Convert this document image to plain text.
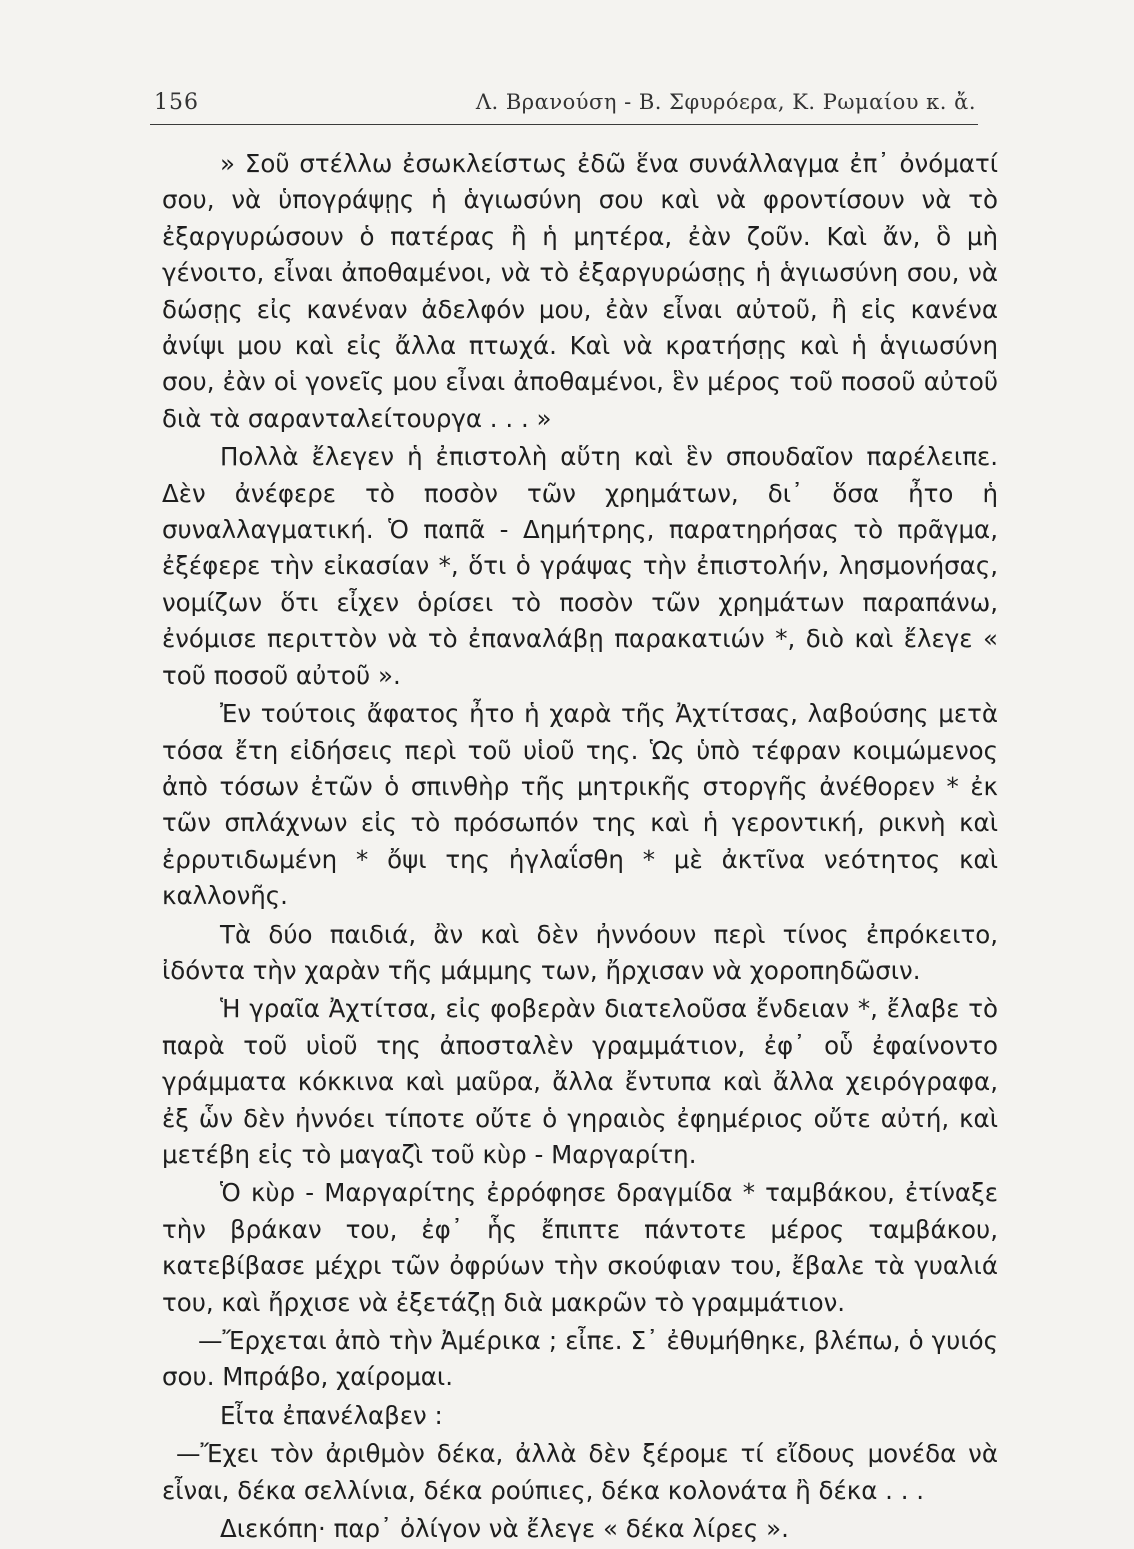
156	Λ. Βρανούση - Β. Σφυρόερα, Κ. Ρωμαίου κ. ἄ.

» Σοῦ στέλλω ἐσωκλείστως ἐδῶ ἕνα συνάλλαγμα ἐπ᾽ ὀνόματί σου, νὰ ὑπογράψῃς ἡ ἁγιωσύνη σου καὶ νὰ φροντίσουν νὰ τὸ ἐξαργυρώσουν ὁ πατέρας ἢ ἡ μητέρα, ἐὰν ζοῦν. Καὶ ἄν, ὃ μὴ γένοιτο, εἶναι ἀποθαμένοι, νὰ τὸ ἐξαργυρώσῃς ἡ ἁγιωσύνη σου, νὰ δώσῃς εἰς κανέναν ἀδελφόν μου, ἐὰν εἶναι αὐτοῦ, ἢ εἰς κανένα ἀνίψι μου καὶ εἰς ἄλλα πτωχά. Καὶ νὰ κρατήσῃς καὶ ἡ ἁγιωσύνη σου, ἐὰν οἱ γονεῖς μου εἶναι ἀποθαμένοι, ἓν μέρος τοῦ ποσοῦ αὐτοῦ διὰ τὰ σαρανταλείτουργα . . . »

Πολλὰ ἔλεγεν ἡ ἐπιστολὴ αὕτη καὶ ἓν σπουδαῖον παρέλειπε. Δὲν ἀνέφερε τὸ ποσὸν τῶν χρημάτων, δι᾽ ὅσα ἦτο ἡ συναλλαγματική. Ὁ παπᾶ - Δημήτρης, παρατηρήσας τὸ πρᾶγμα, ἐξέφερε τὴν εἰκασίαν *, ὅτι ὁ γράψας τὴν ἐπιστολήν, λησμονήσας, νομίζων ὅτι εἶχεν ὁρίσει τὸ ποσὸν τῶν χρημάτων παραπάνω, ἐνόμισε περιττὸν νὰ τὸ ἐπαναλάβῃ παρακατιών *, διὸ καὶ ἔλεγε « τοῦ ποσοῦ αὐτοῦ ».

Ἐν τούτοις ἄφατος ἦτο ἡ χαρὰ τῆς Ἀχτίτσας, λαβούσης μετὰ τόσα ἔτη εἰδήσεις περὶ τοῦ υἱοῦ της. Ὡς ὑπὸ τέφραν κοιμώμενος ἀπὸ τόσων ἐτῶν ὁ σπινθὴρ τῆς μητρικῆς στοργῆς ἀνέθορεν * ἐκ τῶν σπλάχνων εἰς τὸ πρόσωπόν της καὶ ἡ γεροντική, ρικνὴ καὶ ἐρρυτιδωμένη * ὄψι της ἠγλαΐσθη * μὲ ἀκτῖνα νεότητος καὶ καλλονῆς.

Τὰ δύο παιδιά, ἂν καὶ δὲν ἠννόουν περὶ τίνος ἐπρόκειτο, ἰδόντα τὴν χαρὰν τῆς μάμμης των, ἤρχισαν νὰ χοροπηδῶσιν.

Ἡ γραῖα Ἀχτίτσα, εἰς φοβερὰν διατελοῦσα ἔνδειαν *, ἔλαβε τὸ παρὰ τοῦ υἱοῦ της ἀποσταλὲν γραμμάτιον, ἐφ᾽ οὗ ἐφαίνοντο γράμματα κόκκινα καὶ μαῦρα, ἄλλα ἔντυπα καὶ ἄλλα χειρόγραφα, ἐξ ὧν δὲν ἠννόει τίποτε οὔτε ὁ γηραιὸς ἐφημέριος οὔτε αὐτή, καὶ μετέβη εἰς τὸ μαγαζὶ τοῦ κὺρ - Μαργαρίτη.

Ὁ κὺρ - Μαργαρίτης ἐρρόφησε δραγμίδα * ταμβάκου, ἐτίναξε τὴν βράκαν του, ἐφ᾽ ἧς ἔπιπτε πάντοτε μέρος ταμβάκου, κατεβίβασε μέχρι τῶν ὀφρύων τὴν σκούφιαν του, ἔβαλε τὰ γυαλιά του, καὶ ἤρχισε νὰ ἐξετάζῃ διὰ μακρῶν τὸ γραμμάτιον.

—Ἔρχεται ἀπὸ τὴν Ἀμέρικα ; εἶπε. Σ᾽ ἐθυμήθηκε, βλέπω, ὁ γυιός σου. Μπράβο, χαίρομαι.

Εἶτα ἐπανέλαβεν :

—Ἔχει τὸν ἀριθμὸν δέκα, ἀλλὰ δὲν ξέρομε τί εἴδους μονέδα νὰ εἶναι, δέκα σελλίνια, δέκα ρούπιες, δέκα κολονάτα ἢ δέκα . . .

Διεκόπη· παρ᾽ ὀλίγον νὰ ἔλεγε « δέκα λίρες ».
